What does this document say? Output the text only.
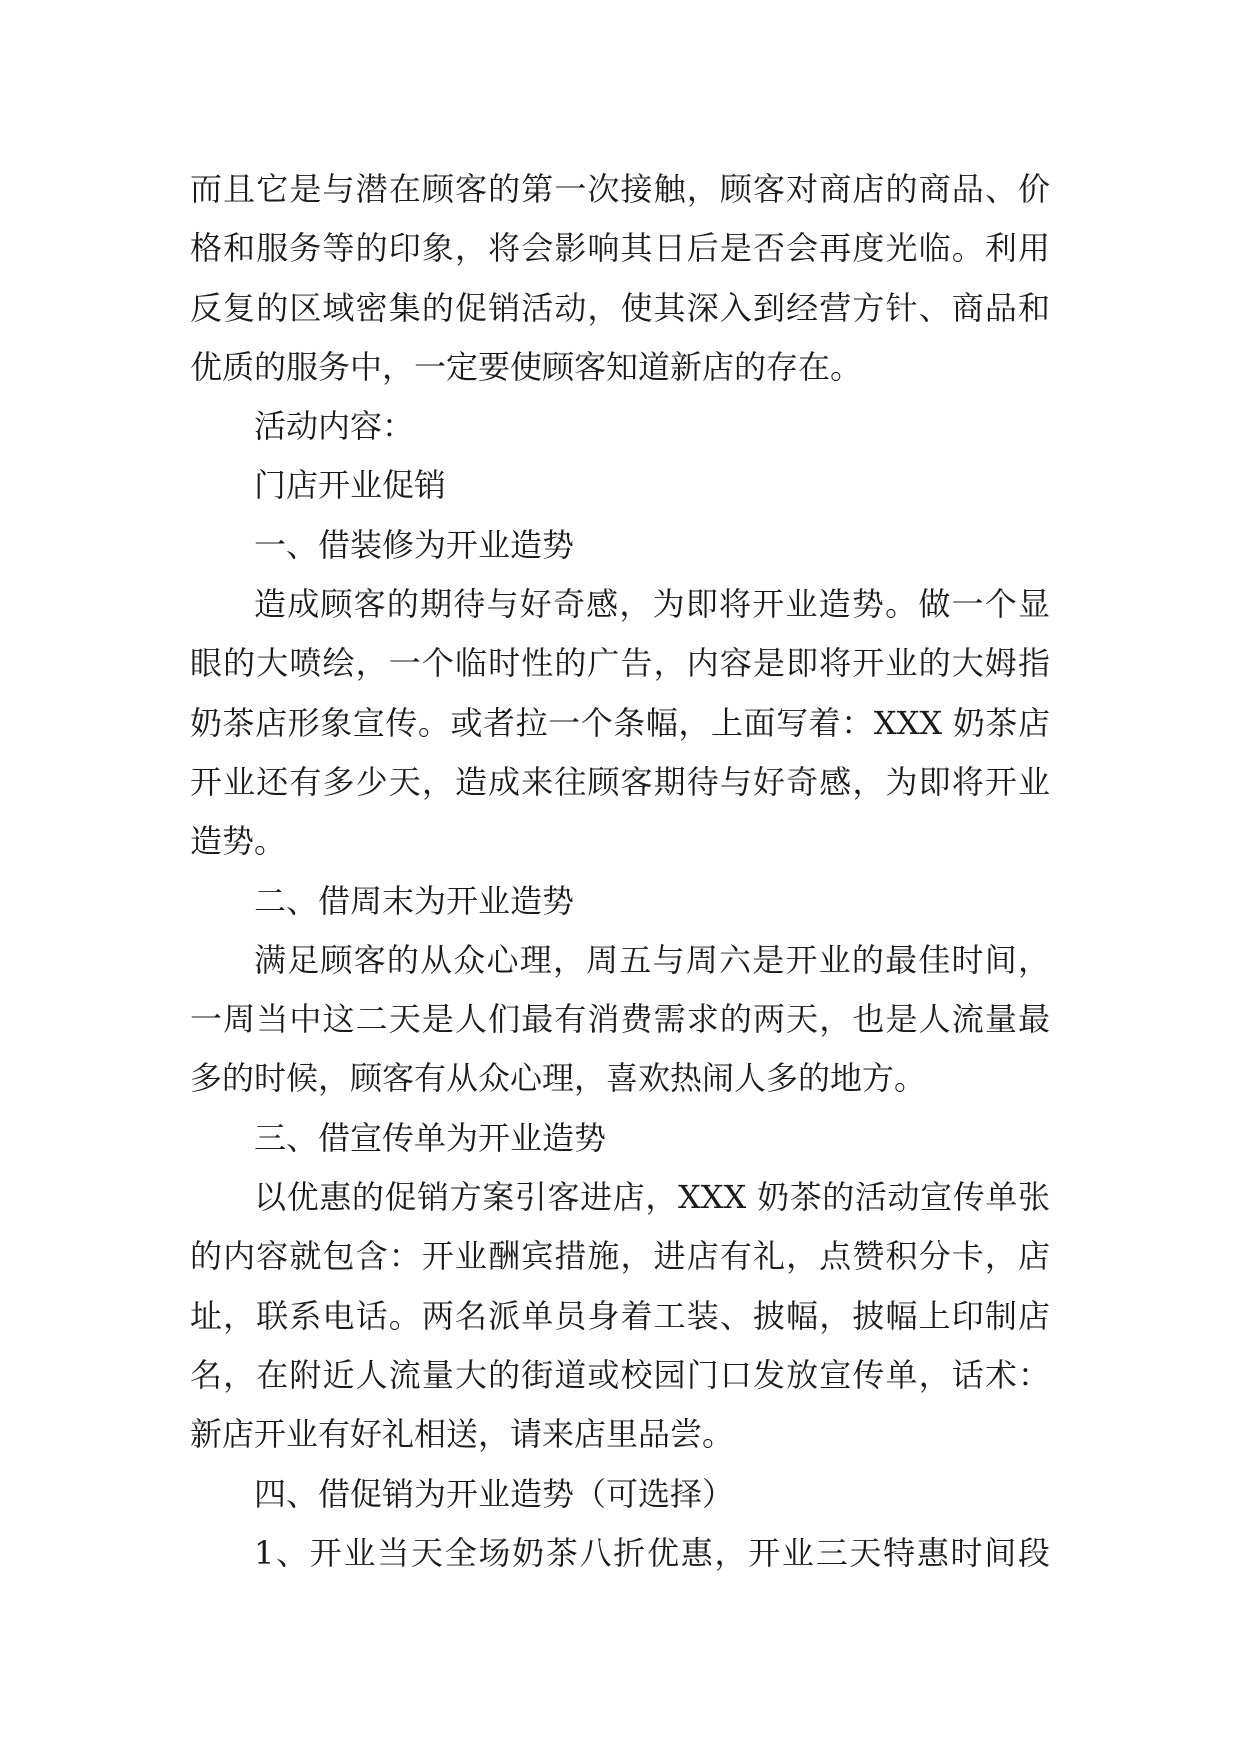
而且它是与潜在顾客的第一次接触，顾客对商店的商品、价
格和服务等的印象，将会影响其日后是否会再度光临。利用
反复的区域密集的促销活动，使其深入到经营方针、商品和
优质的服务中，一定要使顾客知道新店的存在。
活动内容：
门店开业促销
一、借装修为开业造势
造成顾客的期待与好奇感，为即将开业造势。做一个显
眼的大喷绘，一个临时性的广告，内容是即将开业的大姆指
奶茶店形象宣传。或者拉一个条幅，上面写着：XXX 奶茶店
开业还有多少天，造成来往顾客期待与好奇感，为即将开业
造势。
二、借周末为开业造势
满足顾客的从众心理，周五与周六是开业的最佳时间，
一周当中这二天是人们最有消费需求的两天，也是人流量最
多的时候，顾客有从众心理，喜欢热闹人多的地方。
三、借宣传单为开业造势
以优惠的促销方案引客进店，XXX 奶茶的活动宣传单张
的内容就包含：开业酬宾措施，进店有礼，点赞积分卡，店
址，联系电话。两名派单员身着工装、披幅，披幅上印制店
名，在附近人流量大的街道或校园门口发放宣传单，话术：
新店开业有好礼相送，请来店里品尝。
四、借促销为开业造势（可选择）
1、开业当天全场奶茶八折优惠，开业三天特惠时间段
